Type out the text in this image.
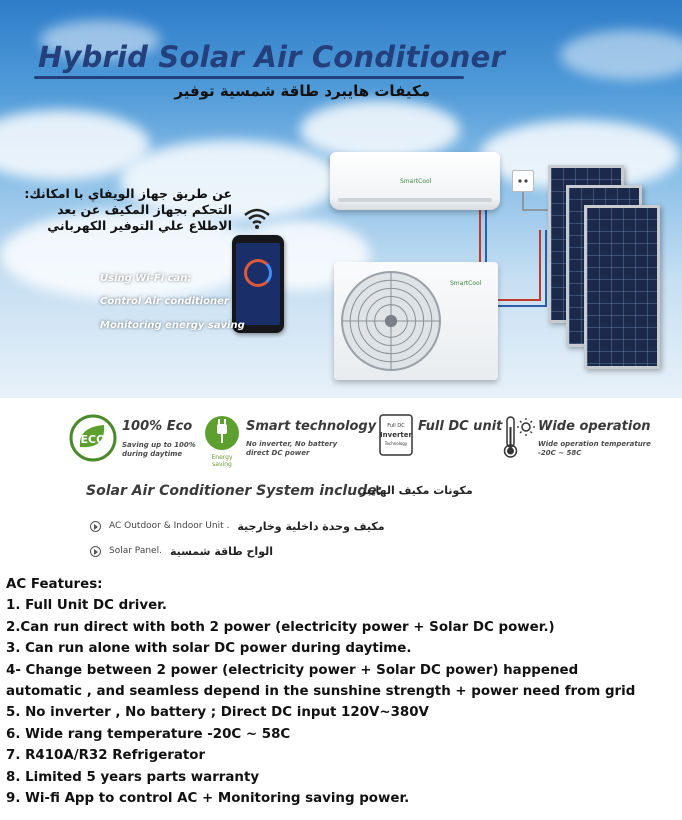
Hybrid Solar Air Conditioner
مكيفات هايبرد طاقة شمسية توفير
SmartCool
SmartCool
عن طريق جهاز الويفاي با امكانك:
التحكم بجهاز المكيف عن بعد
الاطلاع علي التوفير الكهرباني
Using Wi-Fi can:
Control Air conditioner
Monitoring energy saving
ECO
100% Eco
Saving up to 100%
during daytime	Energy
saving
Smart technology
No inverter, No battery
direct DC power
Full DC
Inverter
Technology
Full DC unit	Wide operation
Wide operation temperature
-20C ~ 58C
Solar Air Conditioner System include:
مكونات مكيف الهايبر
AC Outdoor & Indoor Unit . مكيف وحدة داخلية وخارجية
Solar Panel. الواح طاقة شمسية
AC Features:
1. Full Unit DC driver.
2.Can run direct with both 2 power (electricity power + Solar DC power.)
3. Can run alone with solar DC power during daytime.
4- Change between 2 power (electricity power + Solar DC power) happened
automatic , and seamless depend in the sunshine strength + power need from grid
5. No inverter , No battery ; Direct DC input 120V~380V
6. Wide rang temperature -20C ~ 58C
7. R410A/R32 Refrigerator
8. Limited 5 years parts warranty
9. Wi-fi App to control AC + Monitoring saving power.
